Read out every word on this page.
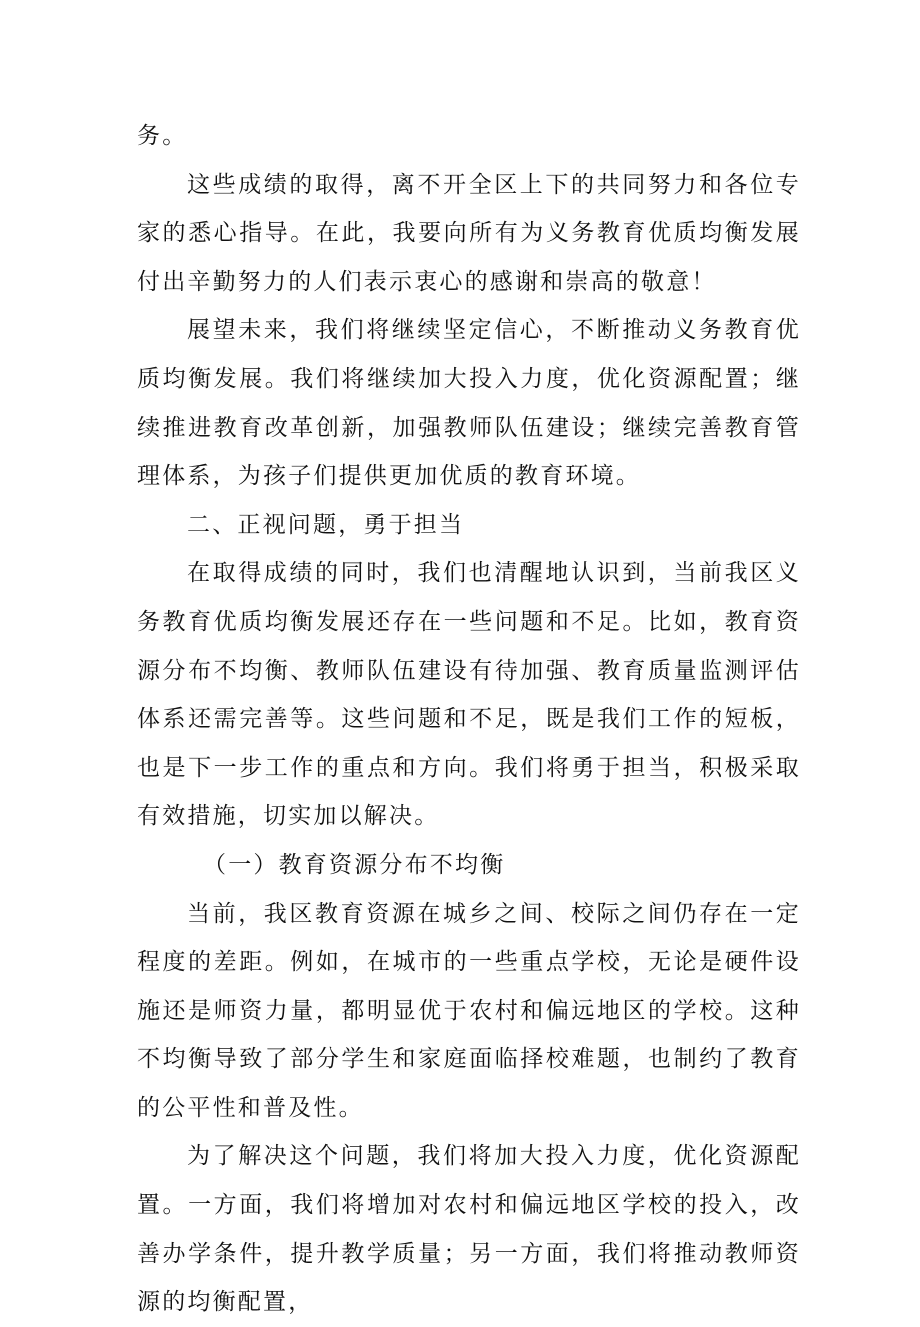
务。

这些成绩的取得，离不开全区上下的共同努力和各位专家的悉心指导。在此，我要向所有为义务教育优质均衡发展付出辛勤努力的人们表示衷心的感谢和崇高的敬意！

展望未来，我们将继续坚定信心，不断推动义务教育优质均衡发展。我们将继续加大投入力度，优化资源配置；继续推进教育改革创新，加强教师队伍建设；继续完善教育管理体系，为孩子们提供更加优质的教育环境。

二、正视问题，勇于担当

在取得成绩的同时，我们也清醒地认识到，当前我区义务教育优质均衡发展还存在一些问题和不足。比如，教育资源分布不均衡、教师队伍建设有待加强、教育质量监测评估体系还需完善等。这些问题和不足，既是我们工作的短板，也是下一步工作的重点和方向。我们将勇于担当，积极采取有效措施，切实加以解决。

（一）教育资源分布不均衡

当前，我区教育资源在城乡之间、校际之间仍存在一定程度的差距。例如，在城市的一些重点学校，无论是硬件设施还是师资力量，都明显优于农村和偏远地区的学校。这种不均衡导致了部分学生和家庭面临择校难题，也制约了教育的公平性和普及性。

为了解决这个问题，我们将加大投入力度，优化资源配置。一方面，我们将增加对农村和偏远地区学校的投入，改善办学条件，提升教学质量；另一方面，我们将推动教师资源的均衡配置，
